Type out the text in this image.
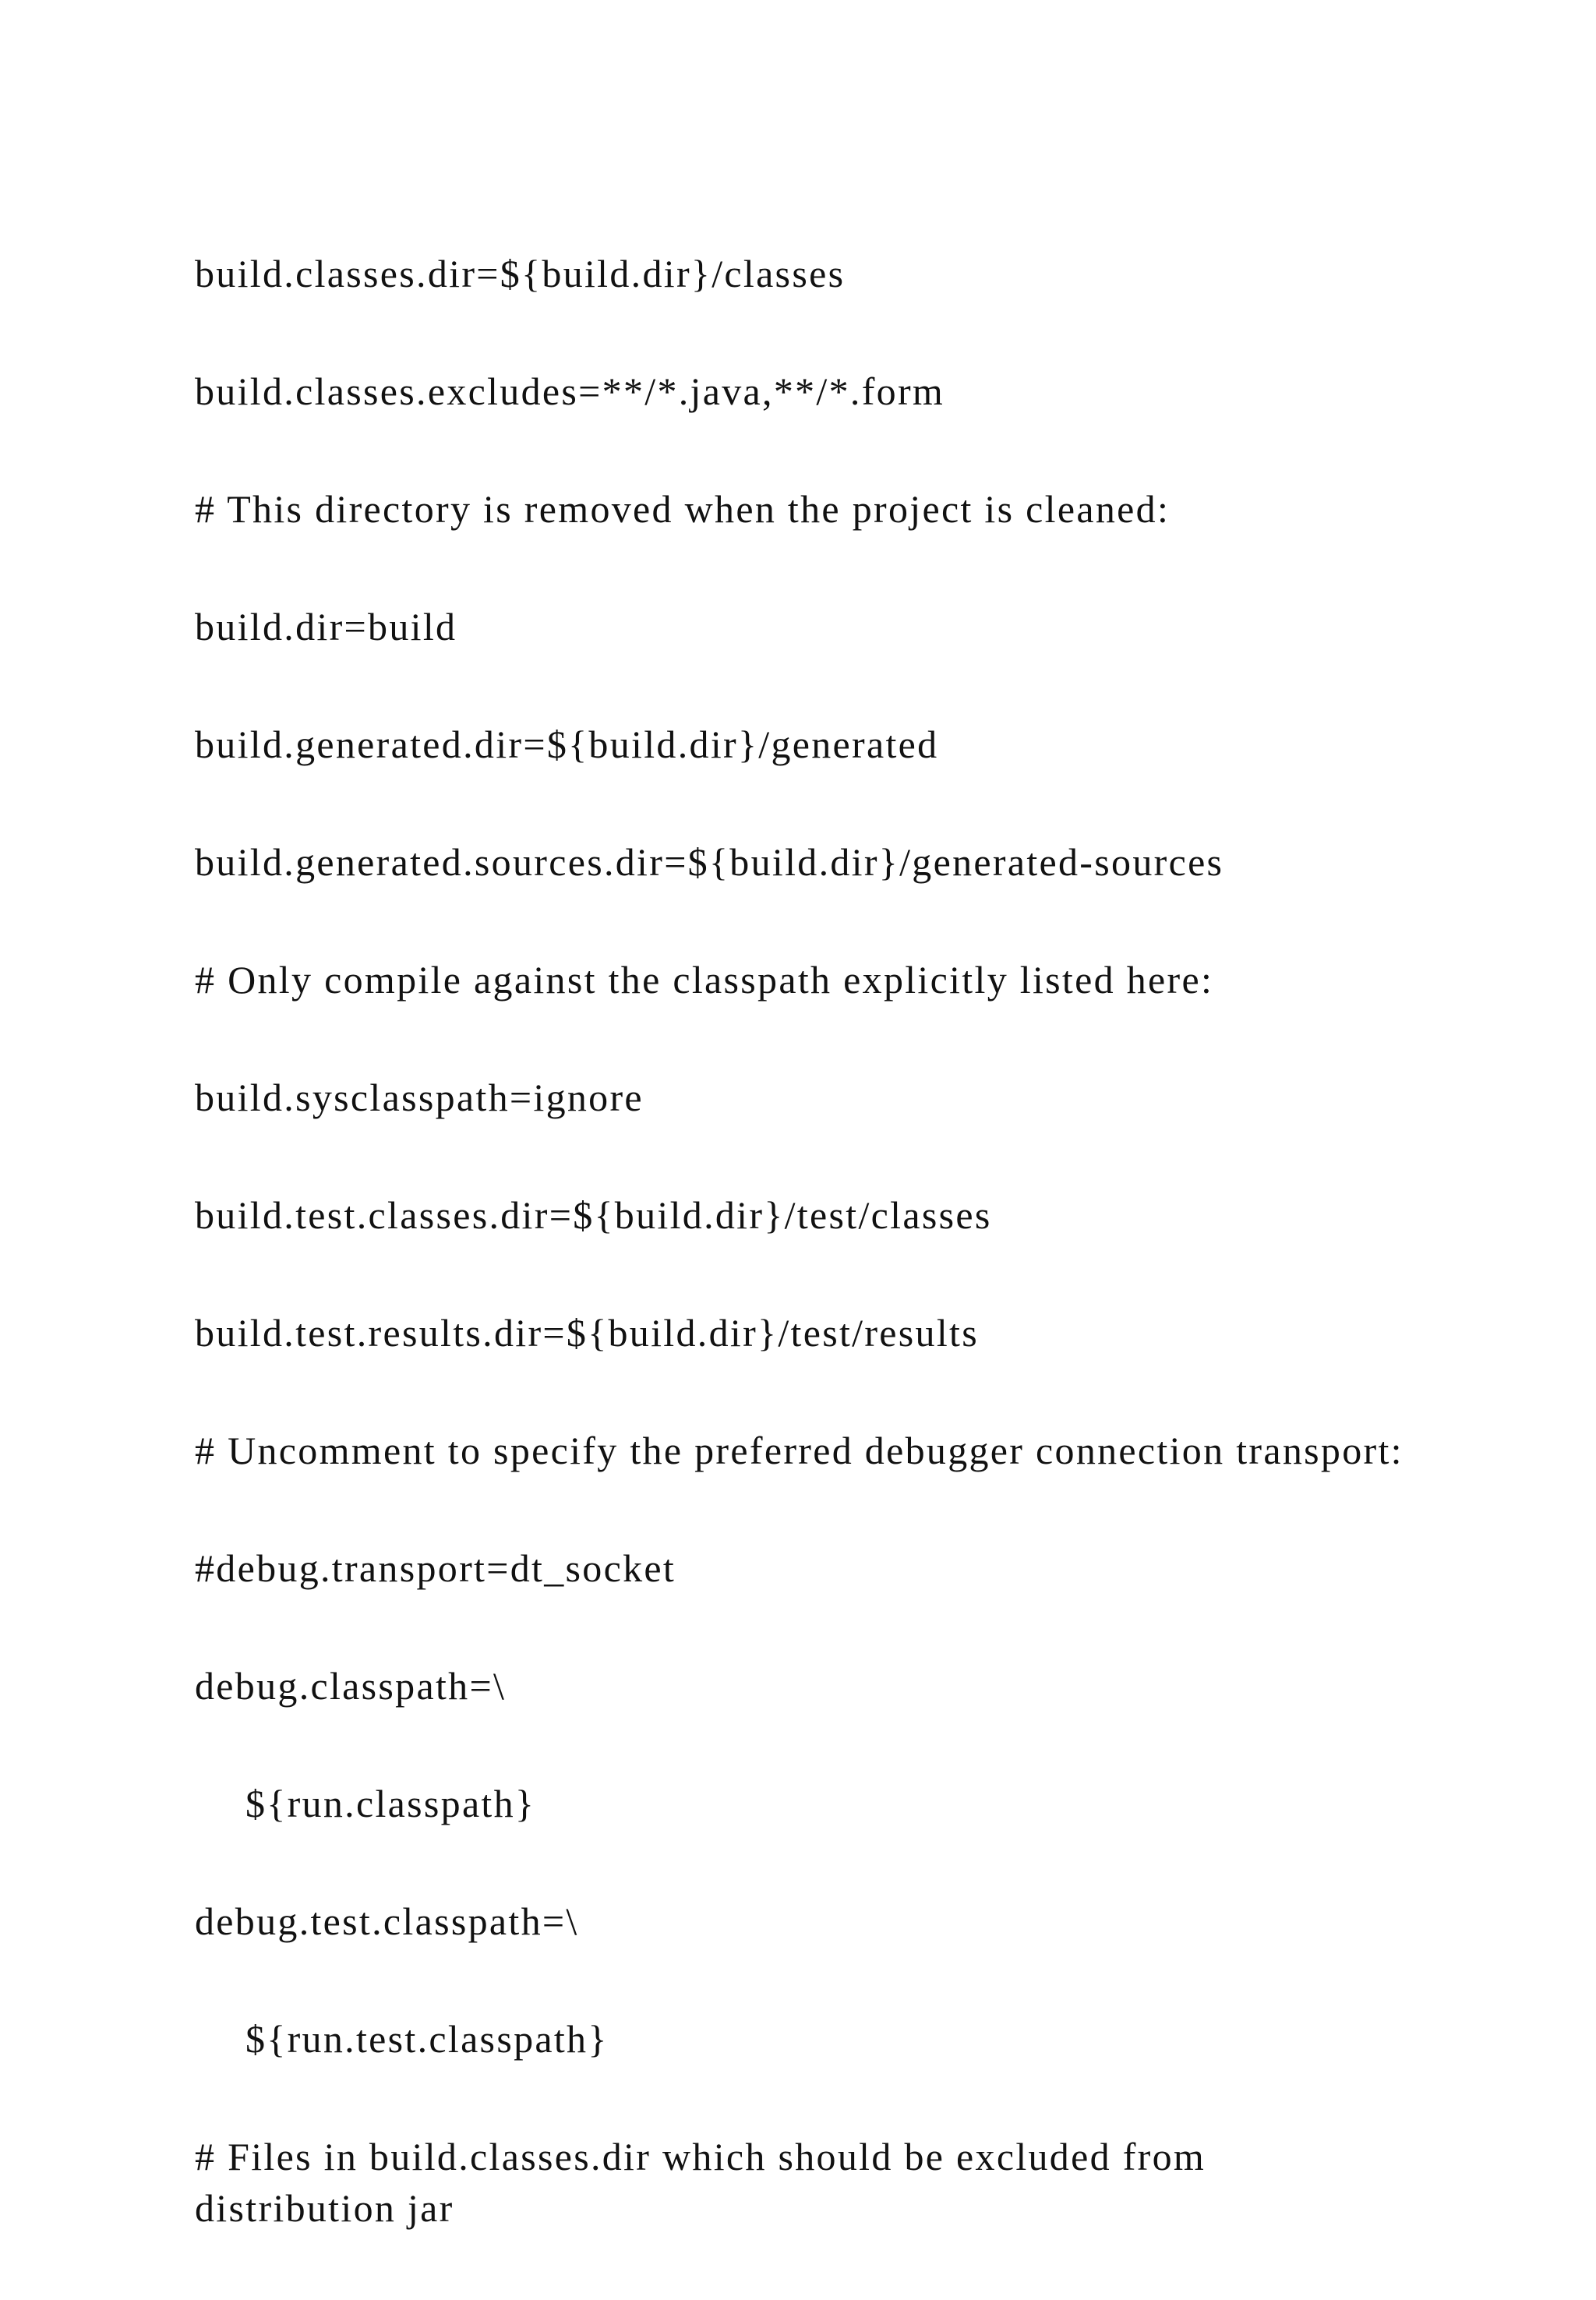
build.classes.dir=${build.dir}/classes
build.classes.excludes=**/*.java,**/*.form
# This directory is removed when the project is cleaned:
build.dir=build
build.generated.dir=${build.dir}/generated
build.generated.sources.dir=${build.dir}/generated-sources
# Only compile against the classpath explicitly listed here:
build.sysclasspath=ignore
build.test.classes.dir=${build.dir}/test/classes
build.test.results.dir=${build.dir}/test/results
# Uncomment to specify the preferred debugger connection transport:
#debug.transport=dt_socket
debug.classpath=\
${run.classpath}
debug.test.classpath=\
${run.test.classpath}
# Files in build.classes.dir which should be excluded from distribution jar
